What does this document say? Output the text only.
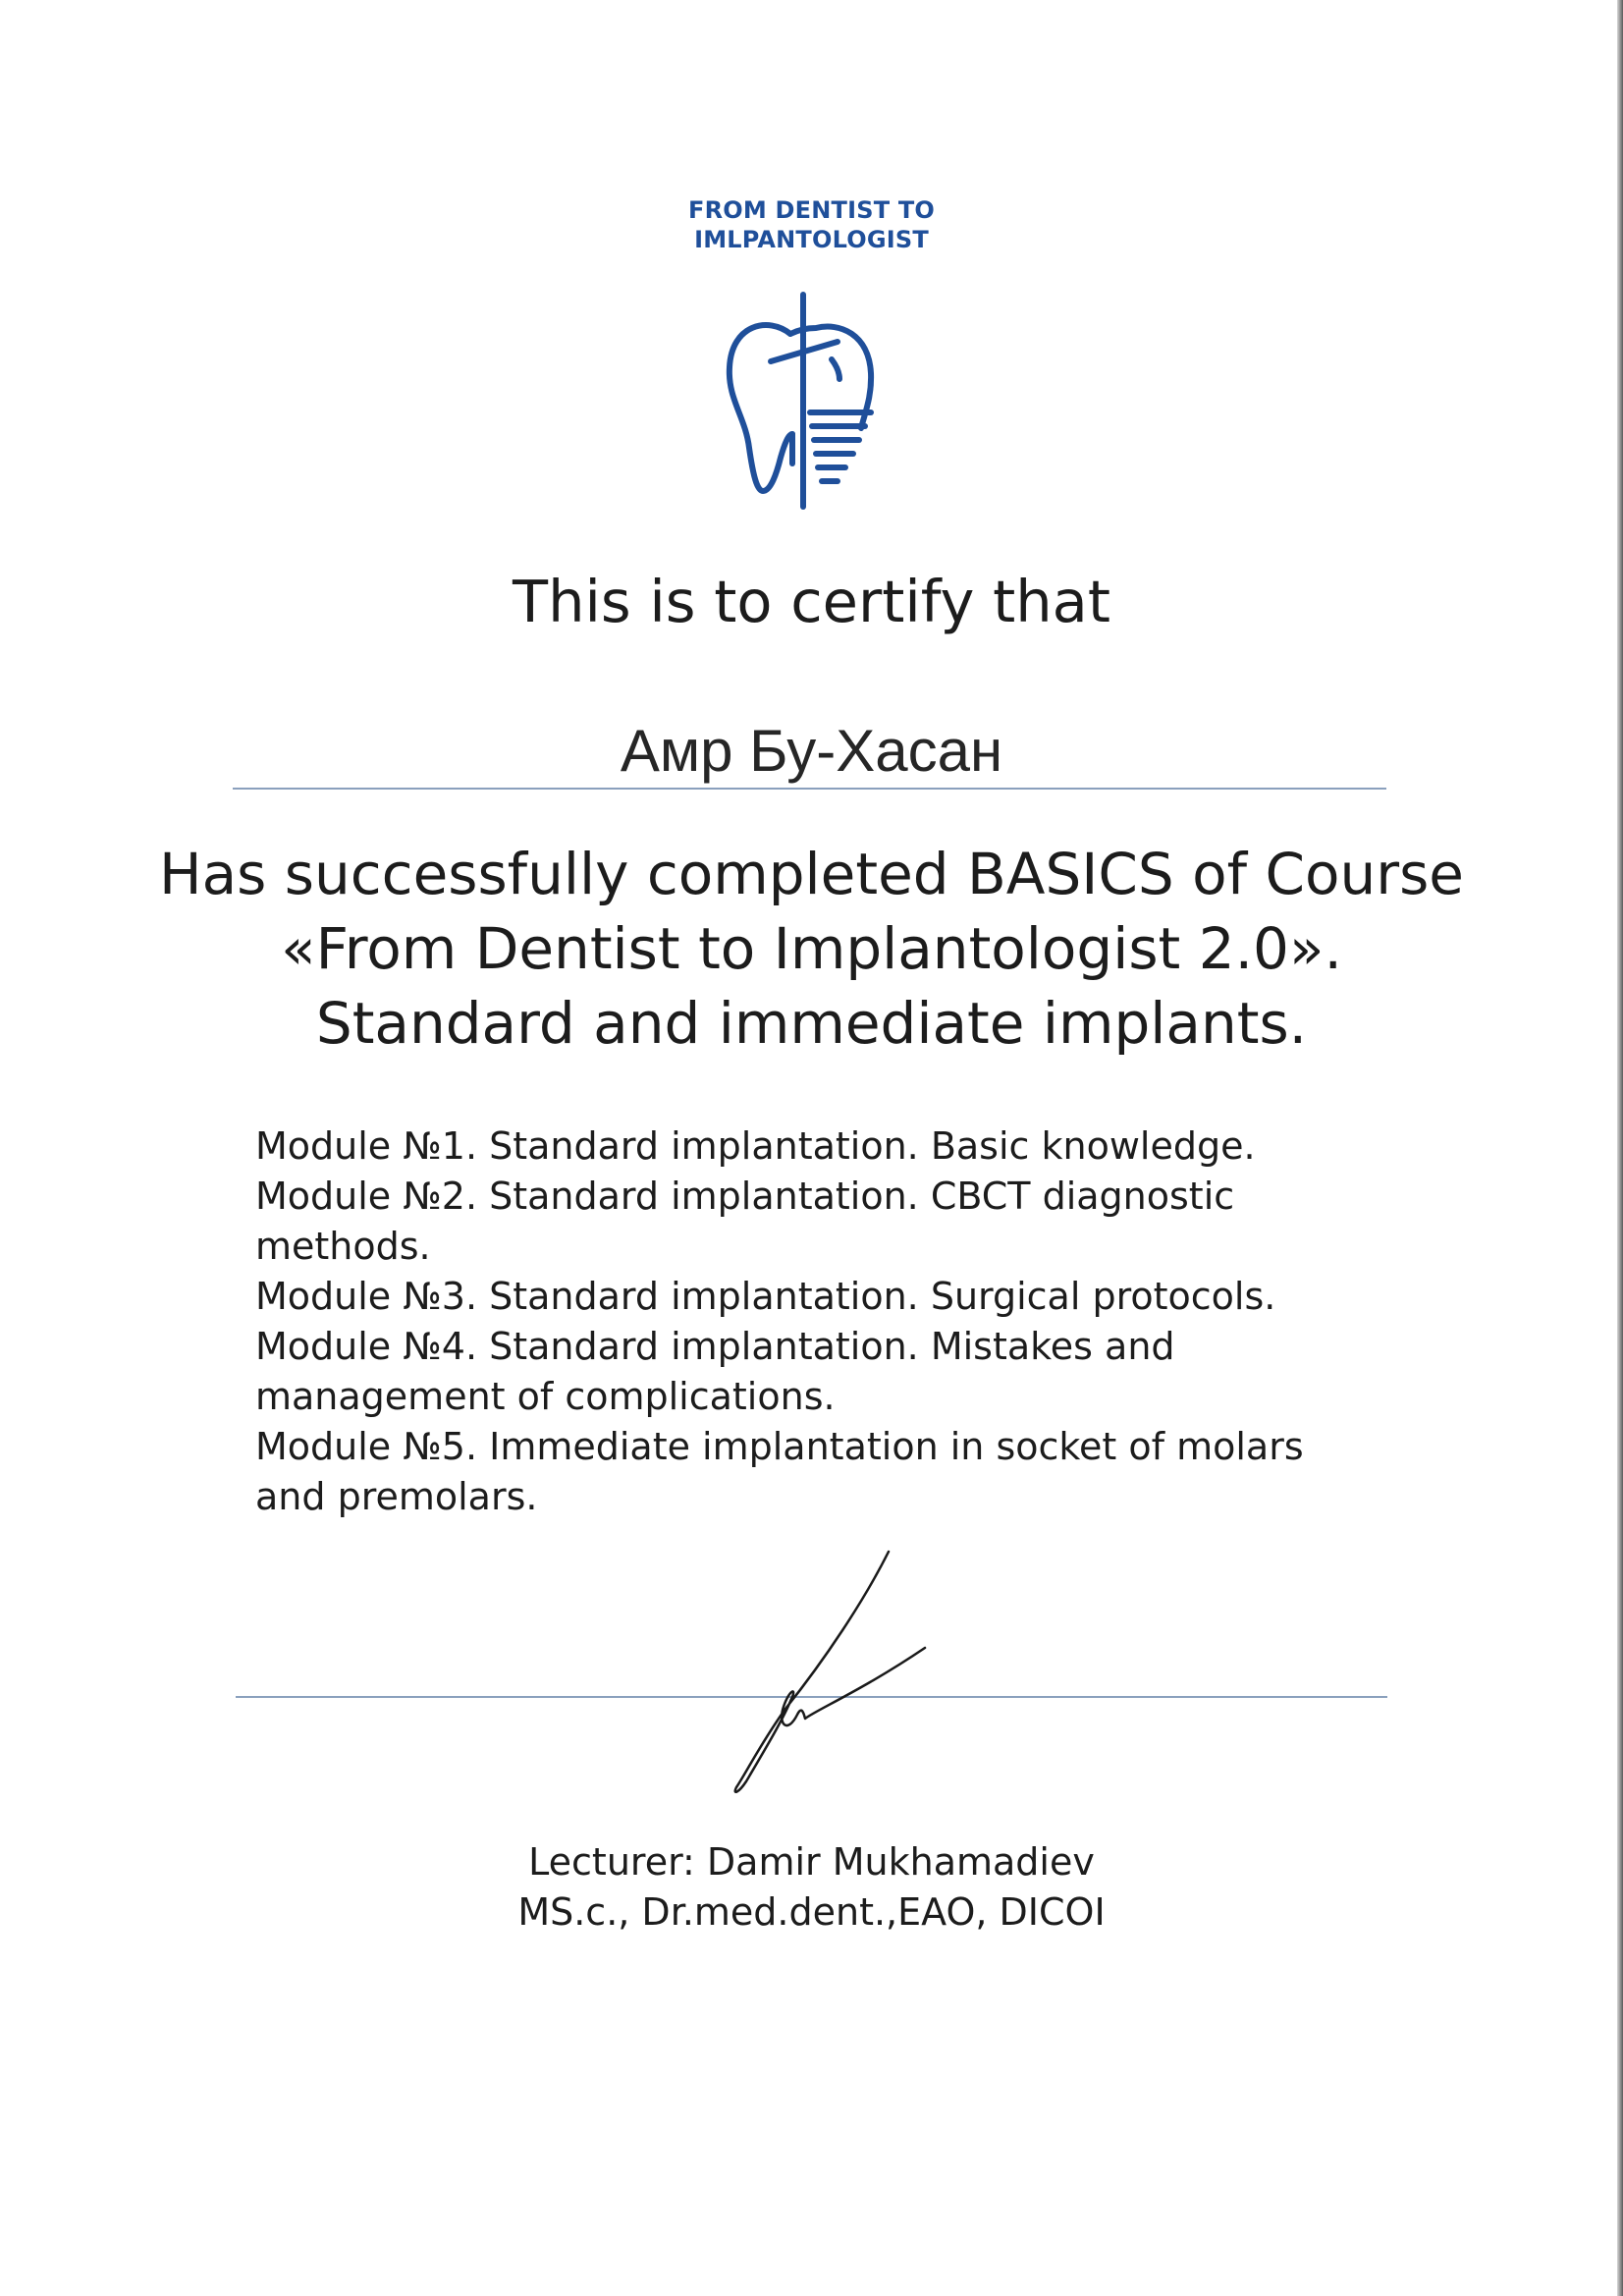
FROM DENTIST TO
IMLPANTOLOGIST
This is to certify that
Амр Бу-Хасан
Has successfully completed BASICS of Course
«From Dentist to Implantologist 2.0».
Standard and immediate implants.
Module №1. Standard implantation. Basic knowledge.
Module №2. Standard implantation. CBCT diagnostic
methods.
Module №3. Standard implantation. Surgical protocols.
Module №4. Standard implantation. Mistakes and
management of complications.
Module №5. Immediate implantation in socket of molars
and premolars.
Lecturer: Damir Mukhamadiev
MS.c., Dr.med.dent.,EAO, DICOI
